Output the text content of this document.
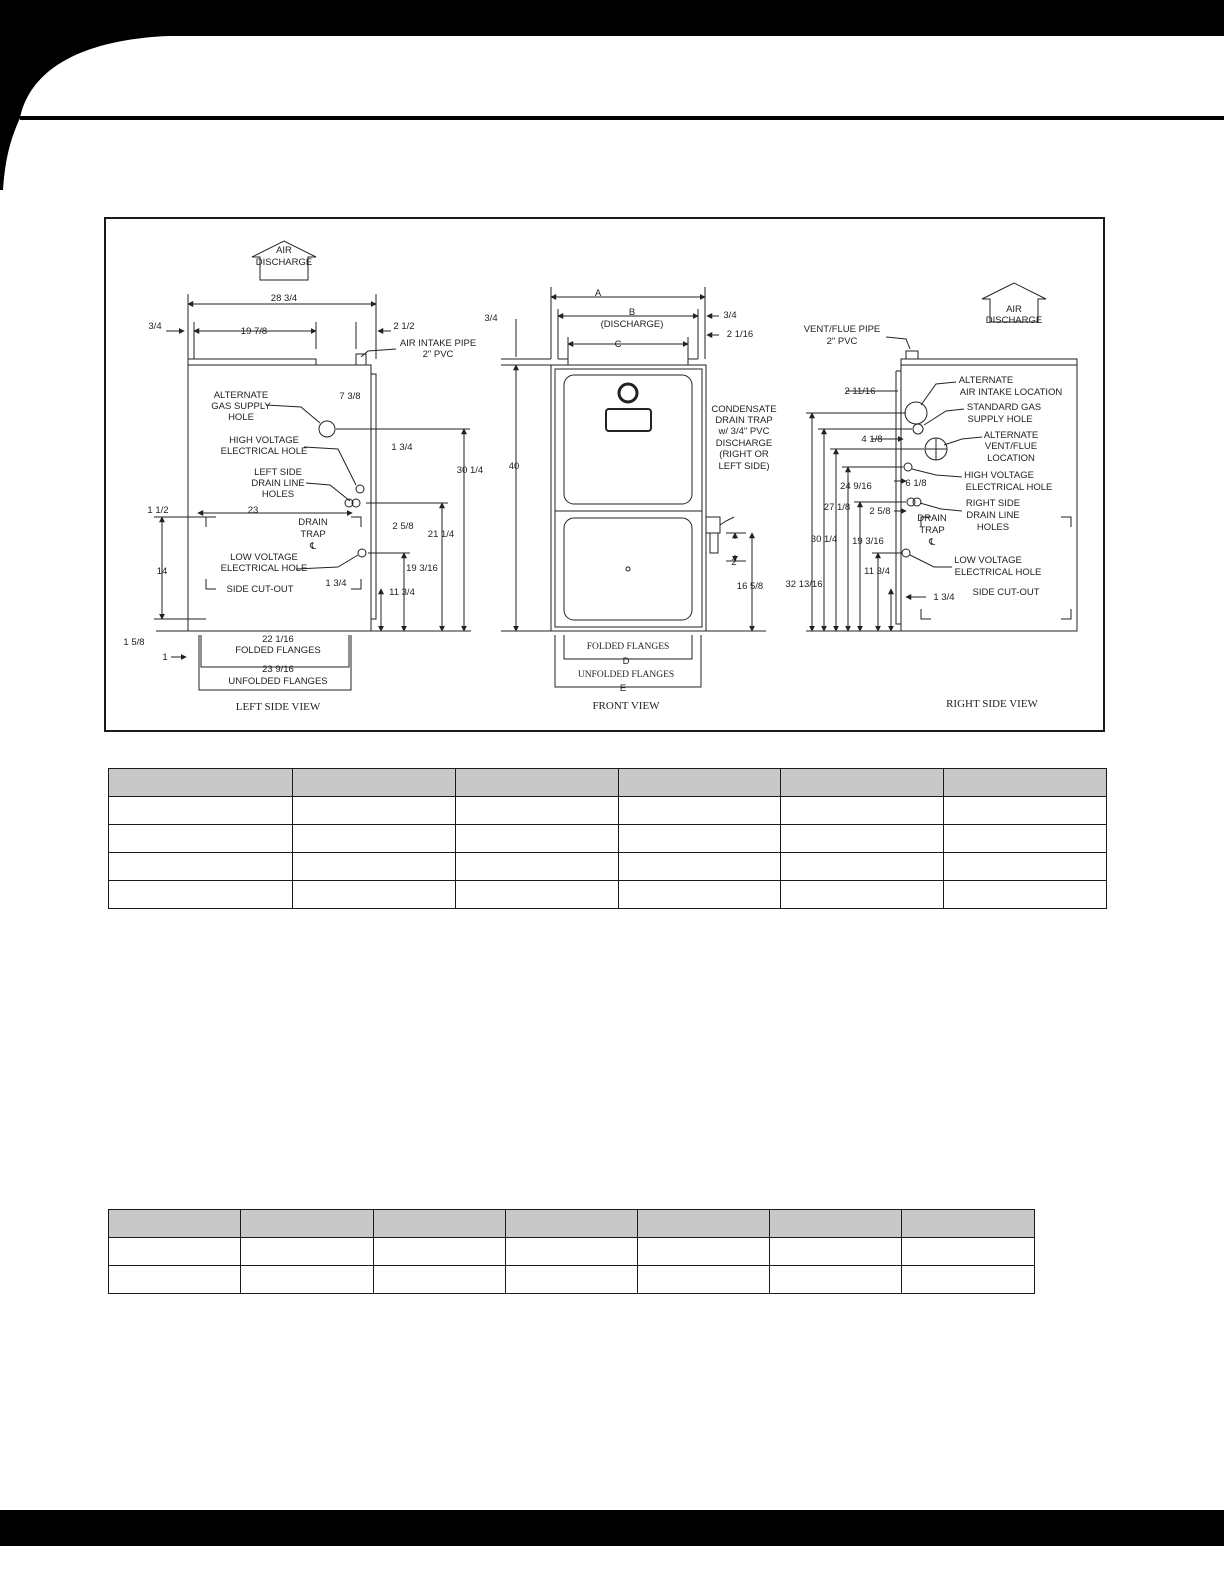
AIR
DISCHARGE
28 3/4
3/4	19 7/8	2 1/2
AIR INTAKE PIPE
2" PVC
ALTERNATE
GAS SUPPLY
HOLE
7 3/8
HIGH VOLTAGE
ELECTRICAL HOLE	1 3/4
30 1/4
LEFT SIDE
DRAIN LINE
HOLES
1 1/2	23
DRAIN
TRAP
℄
2 5/8
21 1/4
LOW VOLTAGE
ELECTRICAL HOLE
14	19 3/16
SIDE CUT-OUT
1 3/4
11 3/4
1 5/8
1
22 1/16
FOLDED FLANGES
23 9/16
UNFOLDED FLANGES
LEFT SIDE VIEW
A
B
(DISCHARGE)
C
3/4	3/4
2 1/16
40
CONDENSATE
DRAIN TRAP
w/ 3/4" PVC
DISCHARGE
(RIGHT OR
LEFT SIDE)
2
16 5/8
FOLDED FLANGES
D
UNFOLDED FLANGES
E
FRONT VIEW
AIR
DISCHARGE
VENT/FLUE PIPE
2" PVC
2 11/16
ALTERNATE
AIR INTAKE LOCATION
STANDARD GAS
SUPPLY HOLE
4 1/8	ALTERNATE
VENT/FLUE
LOCATION
24 9/16
HIGH VOLTAGE
ELECTRICAL HOLE
6 1/8
RIGHT SIDE
DRAIN LINE
HOLES
27 1/8 2 5/8
DRAIN
TRAP
℄
30 1/4 19 3/16
LOW VOLTAGE
ELECTRICAL HOLE
11 3/4
32 13/16
1 3/4 SIDE CUT-OUT
RIGHT SIDE VIEW
